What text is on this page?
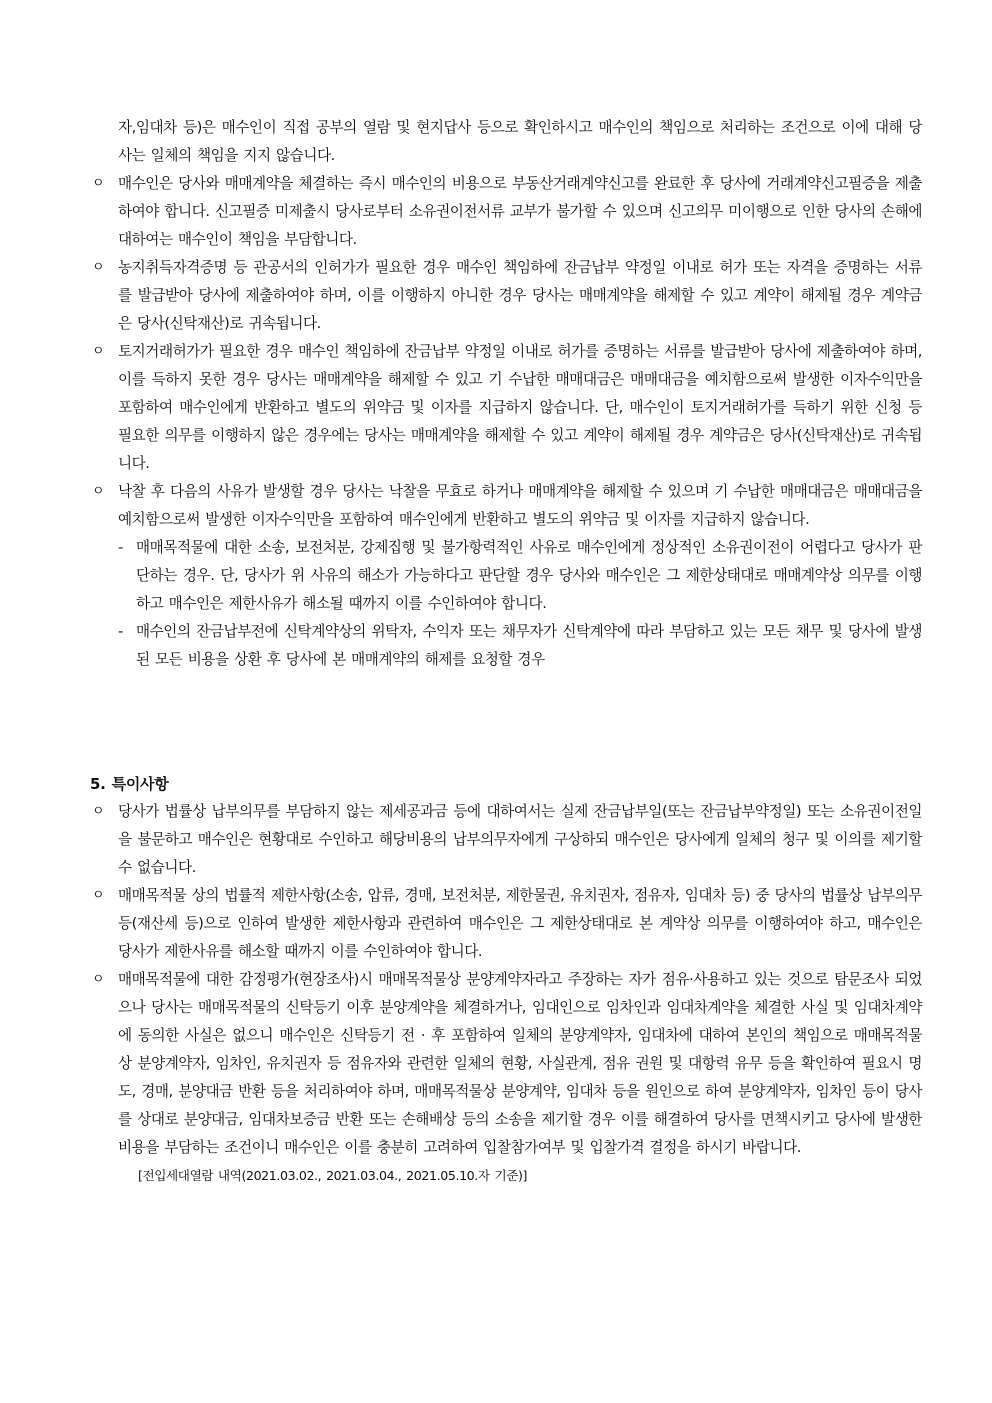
자,임대차 등)은 매수인이 직접 공부의 열람 및 현지답사 등으로 확인하시고 매수인의 책임으로 처리하는 조건으로 이에 대해 당사는 일체의 책임을 지지 않습니다.
ㅇ 매수인은 당사와 매매계약을 체결하는 즉시 매수인의 비용으로 부동산거래계약신고를 완료한 후 당사에 거래계약신고필증을 제출하여야 합니다. 신고필증 미제출시 당사로부터 소유권이전서류 교부가 불가할 수 있으며 신고의무 미이행으로 인한 당사의 손해에 대하여는 매수인이 책임을 부담합니다.
ㅇ 농지취득자격증명 등 관공서의 인허가가 필요한 경우 매수인 책임하에 잔금납부 약정일 이내로 허가 또는 자격을 증명하는 서류를 발급받아 당사에 제출하여야 하며, 이를 이행하지 아니한 경우 당사는 매매계약을 해제할 수 있고 계약이 해제될 경우 계약금은 당사(신탁재산)로 귀속됩니다.
ㅇ 토지거래허가가 필요한 경우 매수인 책임하에 잔금납부 약정일 이내로 허가를 증명하는 서류를 발급받아 당사에 제출하여야 하며, 이를 득하지 못한 경우 당사는 매매계약을 해제할 수 있고 기 수납한 매매대금은 매매대금을 예치함으로써 발생한 이자수익만을 포함하여 매수인에게 반환하고 별도의 위약금 및 이자를 지급하지 않습니다. 단, 매수인이 토지거래허가를 득하기 위한 신청 등 필요한 의무를 이행하지 않은 경우에는 당사는 매매계약을 해제할 수 있고 계약이 해제될 경우 계약금은 당사(신탁재산)로 귀속됩니다.
ㅇ 낙찰 후 다음의 사유가 발생할 경우 당사는 낙찰을 무효로 하거나 매매계약을 해제할 수 있으며 기 수납한 매매대금은 매매대금을 예치함으로써 발생한 이자수익만을 포함하여 매수인에게 반환하고 별도의 위약금 및 이자를 지급하지 않습니다.
- 매매목적물에 대한 소송, 보전처분, 강제집행 및 불가항력적인 사유로 매수인에게 정상적인 소유권이전이 어렵다고 당사가 판단하는 경우. 단, 당사가 위 사유의 해소가 가능하다고 판단할 경우 당사와 매수인은 그 제한상태대로 매매계약상 의무를 이행하고 매수인은 제한사유가 해소될 때까지 이를 수인하여야 합니다.
- 매수인의 잔금납부전에 신탁계약상의 위탁자, 수익자 또는 채무자가 신탁계약에 따라 부담하고 있는 모든 채무 및 당사에 발생된 모든 비용을 상환 후 당사에 본 매매계약의 해제를 요청할 경우
5. 특이사항
ㅇ 당사가 법률상 납부의무를 부담하지 않는 제세공과금 등에 대하여서는 실제 잔금납부일(또는 잔금납부약정일) 또는 소유권이전일을 불문하고 매수인은 현황대로 수인하고 해당비용의 납부의무자에게 구상하되 매수인은 당사에게 일체의 청구 및 이의를 제기할 수 없습니다.
ㅇ 매매목적물 상의 법률적 제한사항(소송, 압류, 경매, 보전처분, 제한물권, 유치권자, 점유자, 임대차 등) 중 당사의 법률상 납부의무 등(재산세 등)으로 인하여 발생한 제한사항과 관련하여 매수인은 그 제한상태대로 본 계약상 의무를 이행하여야 하고, 매수인은 당사가 제한사유를 해소할 때까지 이를 수인하여야 합니다.
ㅇ 매매목적물에 대한 감정평가(현장조사)시 매매목적물상 분양계약자라고 주장하는 자가 점유·사용하고 있는 것으로 탐문조사 되었으나 당사는 매매목적물의 신탁등기 이후 분양계약을 체결하거나, 임대인으로 임차인과 임대차계약을 체결한 사실 및 임대차계약에 동의한 사실은 없으니 매수인은 신탁등기 전 · 후 포함하여 일체의 분양계약자, 임대차에 대하여 본인의 책임으로 매매목적물상 분양계약자, 임차인, 유치권자 등 점유자와 관련한 일체의 현황, 사실관계, 점유 권원 및 대항력 유무 등을 확인하여 필요시 명도, 경매, 분양대금 반환 등을 처리하여야 하며, 매매목적물상 분양계약, 임대차 등을 원인으로 하여 분양계약자, 임차인 등이 당사를 상대로 분양대금, 임대차보증금 반환 또는 손해배상 등의 소송을 제기할 경우 이를 해결하여 당사를 면책시키고 당사에 발생한 비용을 부담하는 조건이니 매수인은 이를 충분히 고려하여 입찰참가여부 및 입찰가격 결정을 하시기 바랍니다.
[전입세대열람 내역(2021.03.02., 2021.03.04., 2021.05.10.자 기준)]
